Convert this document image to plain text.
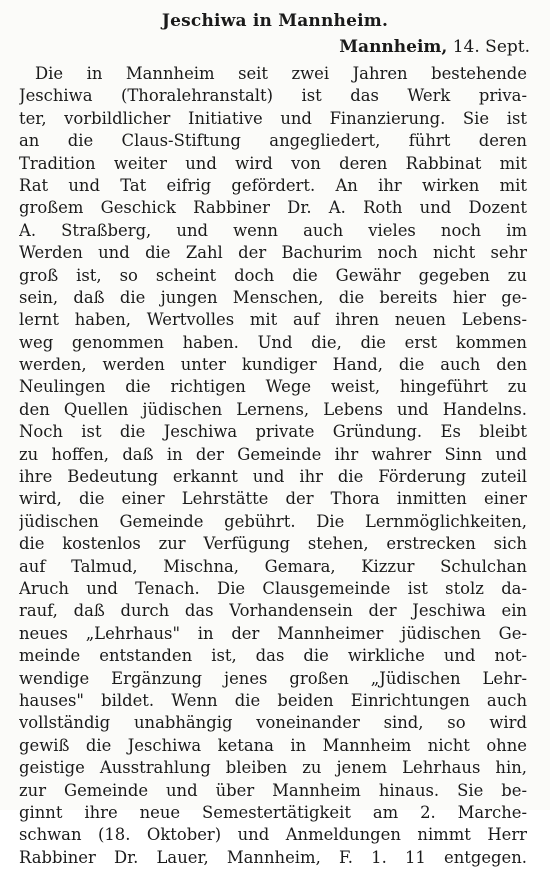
Jeschiwa in Mannheim.
Mannheim, 14. Sept.
Die in Mannheim seit zwei Jahren bestehende
Jeschiwa (Thoralehranstalt) ist das Werk priva-
ter, vorbildlicher Initiative und Finanzierung. Sie ist
an die Claus-Stiftung angegliedert, führt deren
Tradition weiter und wird von deren Rabbinat mit
Rat und Tat eifrig gefördert. An ihr wirken mit
großem Geschick Rabbiner Dr. A. Roth und Dozent
A. Straßberg, und wenn auch vieles noch im
Werden und die Zahl der Bachurim noch nicht sehr
groß ist, so scheint doch die Gewähr gegeben zu
sein, daß die jungen Menschen, die bereits hier ge-
lernt haben, Wertvolles mit auf ihren neuen Lebens-
weg genommen haben. Und die, die erst kommen
werden, werden unter kundiger Hand, die auch den
Neulingen die richtigen Wege weist, hingeführt zu
den Quellen jüdischen Lernens, Lebens und Handelns.
Noch ist die Jeschiwa private Gründung. Es bleibt
zu hoffen, daß in der Gemeinde ihr wahrer Sinn und
ihre Bedeutung erkannt und ihr die Förderung zuteil
wird, die einer Lehrstätte der Thora inmitten einer
jüdischen Gemeinde gebührt. Die Lernmöglichkeiten,
die kostenlos zur Verfügung stehen, erstrecken sich
auf Talmud, Mischna, Gemara, Kizzur Schulchan
Aruch und Tenach. Die Clausgemeinde ist stolz da-
rauf, daß durch das Vorhandensein der Jeschiwa ein
neues „Lehrhaus" in der Mannheimer jüdischen Ge-
meinde entstanden ist, das die wirkliche und not-
wendige Ergänzung jenes großen „Jüdischen Lehr-
hauses" bildet. Wenn die beiden Einrichtungen auch
vollständig unabhängig voneinander sind, so wird
gewiß die Jeschiwa ketana in Mannheim nicht ohne
geistige Ausstrahlung bleiben zu jenem Lehrhaus hin,
zur Gemeinde und über Mannheim hinaus. Sie be-
ginnt ihre neue Semestertätigkeit am 2. Marche-
schwan (18. Oktober) und Anmeldungen nimmt Herr
Rabbiner Dr. Lauer, Mannheim, F. 1. 11 entgegen.
